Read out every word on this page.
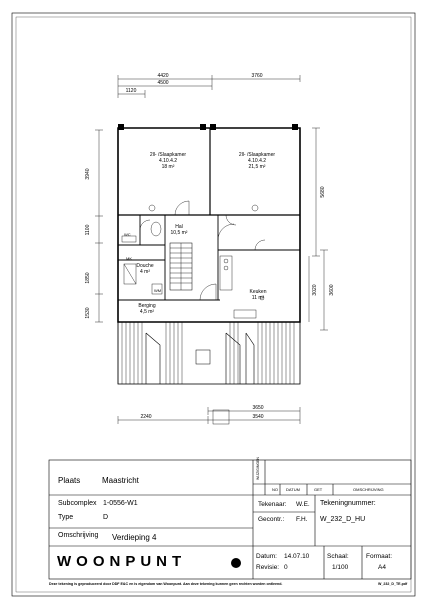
4420	3760
4500
1120
3940
1100
1850
1530
5680
3020 3600
2240
3650
3540
2ll- /Slaapkamer
4.10.4.2
18 m²
2ll- /Slaapkamer
4.10.4.2
21,5 m²
Hal
10,5 m²
Douche
4 m²
Berging
4,5 m²
Keuken
11 m²
WC
MK
WM
WIJZIGINGEN
NO DATUM	GET	OMSCHRIJVING
Plaats	Maastricht
Subcomplex 1-0556-W1
Type	D
Tekenaar: W.E.
Gecontr.: F.H.
Tekeningnummer:
W_232_D_HU
Omschrijving Verdieping 4
WOONPUNT	Datum: 14.07.10
Revisie: 0
Schaal:
1/100
Formaat:
A4
Deze tekening is geproduceerd door DDF E&C en is eigendom van Woonpunt. Aan deze tekening kunnen geen rechten worden ontleend.	W_232_D_TE.pdf
